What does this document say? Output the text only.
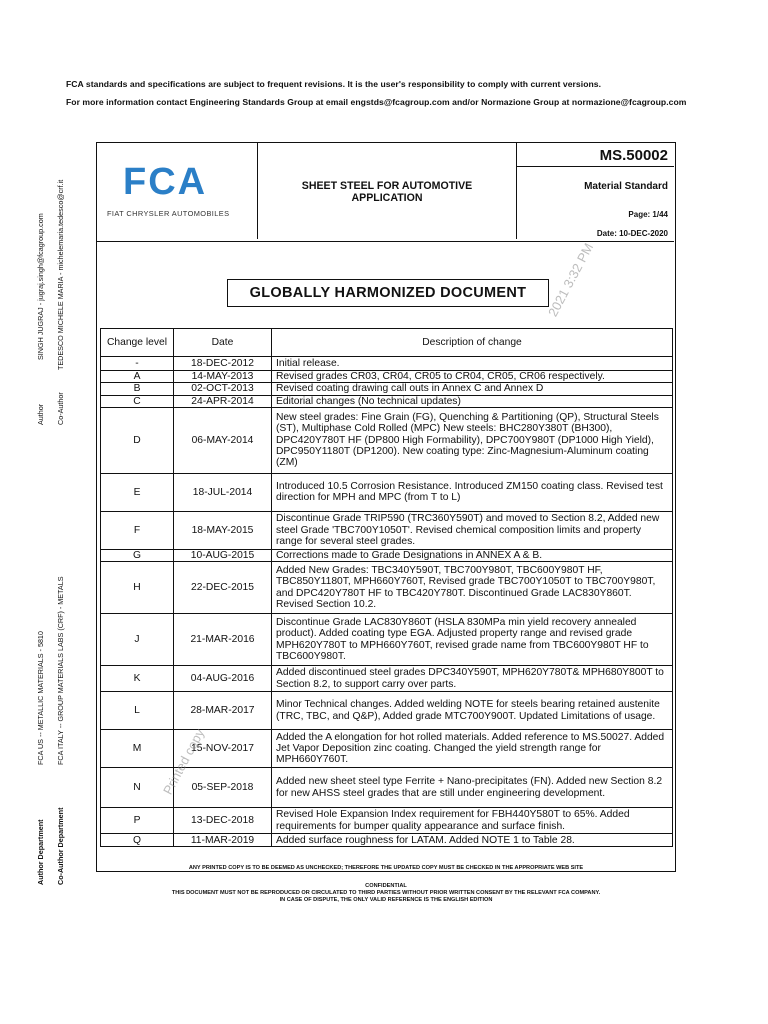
FCA standards and specifications are subject to frequent revisions. It is the user's responsibility to comply with current versions.
For more information contact Engineering Standards Group at email engstds@fcagroup.com and/or Normazione Group at normazione@fcagroup.com
Author
SINGH JUGRAJ - jugraj.singh@fcagroup.com
Co-Author
TEDESCO MICHELE MARIA - michelemaria.tedesco@crf.it
Author Department
FCA US -- METALLIC MATERIALS - 5810
Co-Author Department
FCA ITALY -- GROUP MATERIALS LABS (CRF) - METALS
FCA
FIAT CHRYSLER AUTOMOBILES
SHEET STEEL FOR AUTOMOTIVE
APPLICATION
MS.50002
Material Standard
Page: 1/44
Date: 10-DEC-2020
GLOBALLY HARMONIZED DOCUMENT
Change level	Date	Description of change
-	18-DEC-2012	Initial release.
A	14-MAY-2013	Revised grades CR03, CR04, CR05 to CR04, CR05, CR06 respectively.
B	02-OCT-2013	Revised coating drawing call outs in Annex C and Annex D
C	24-APR-2014	Editorial changes (No technical updates)
D	06-MAY-2014	New steel grades: Fine Grain (FG), Quenching & Partitioning (QP), Structural Steels (ST), Multiphase Cold Rolled (MPC) New steels: BHC280Y380T (BH300), DPC420Y780T HF (DP800 High Formability), DPC700Y980T (DP1000 High Yield), DPC950Y1180T (DP1200). New coating type: Zinc-Magnesium-Aluminum coating (ZM)
E	18-JUL-2014	Introduced 10.5 Corrosion Resistance. Introduced ZM150 coating class. Revised test direction for MPH and MPC (from T to L)
F	18-MAY-2015	Discontinue Grade TRIP590 (TRC360Y590T) and moved to Section 8.2, Added new steel Grade 'TBC700Y1050T'. Revised chemical composition limits and property range for several steel grades.
G	10-AUG-2015	Corrections made to Grade Designations in ANNEX A & B.
H	22-DEC-2015	Added New Grades: TBC340Y590T, TBC700Y980T, TBC600Y980T HF, TBC850Y1180T, MPH660Y760T, Revised grade TBC700Y1050T to TBC700Y980T, and DPC420Y780T HF to TBC420Y780T. Discontinued Grade LAC830Y860T. Revised Section 10.2.
J	21-MAR-2016	Discontinue Grade LAC830Y860T (HSLA 830MPa min yield recovery annealed product). Added coating type EGA. Adjusted property range and revised grade MPH620Y780T to MPH660Y760T, revised grade name from TBC600Y980T HF to TBC600Y980T.
K	04-AUG-2016	Added discontinued steel grades DPC340Y590T, MPH620Y780T& MPH680Y800T to Section 8.2, to support carry over parts.
L	28-MAR-2017	Minor Technical changes. Added welding NOTE for steels bearing retained austenite (TRC, TBC, and Q&P), Added grade MTC700Y900T. Updated Limitations of usage.
M	15-NOV-2017	Added the A elongation for hot rolled materials. Added reference to MS.50027. Added Jet Vapor Deposition zinc coating. Changed the yield strength range for MPH660Y760T.
N	05-SEP-2018	Added new sheet steel type Ferrite + Nano-precipitates (FN). Added new Section 8.2 for new AHSS steel grades that are still under engineering development.
P	13-DEC-2018	Revised Hole Expansion Index requirement for FBH440Y580T to 65%. Added requirements for bumper quality appearance and surface finish.
Q	11-MAR-2019	Added surface roughness for LATAM. Added NOTE 1 to Table 28.
ANY PRINTED COPY IS TO BE DEEMED AS UNCHECKED; THEREFORE THE UPDATED COPY MUST BE CHECKED IN THE APPROPRIATE WEB SITE
CONFIDENTIAL
THIS DOCUMENT MUST NOT BE REPRODUCED OR CIRCULATED TO THIRD PARTIES WITHOUT PRIOR WRITTEN CONSENT BY THE RELEVANT FCA COMPANY.
IN CASE OF DISPUTE, THE ONLY VALID REFERENCE IS THE ENGLISH EDITION
Printed copy
2021 3:32 PM
